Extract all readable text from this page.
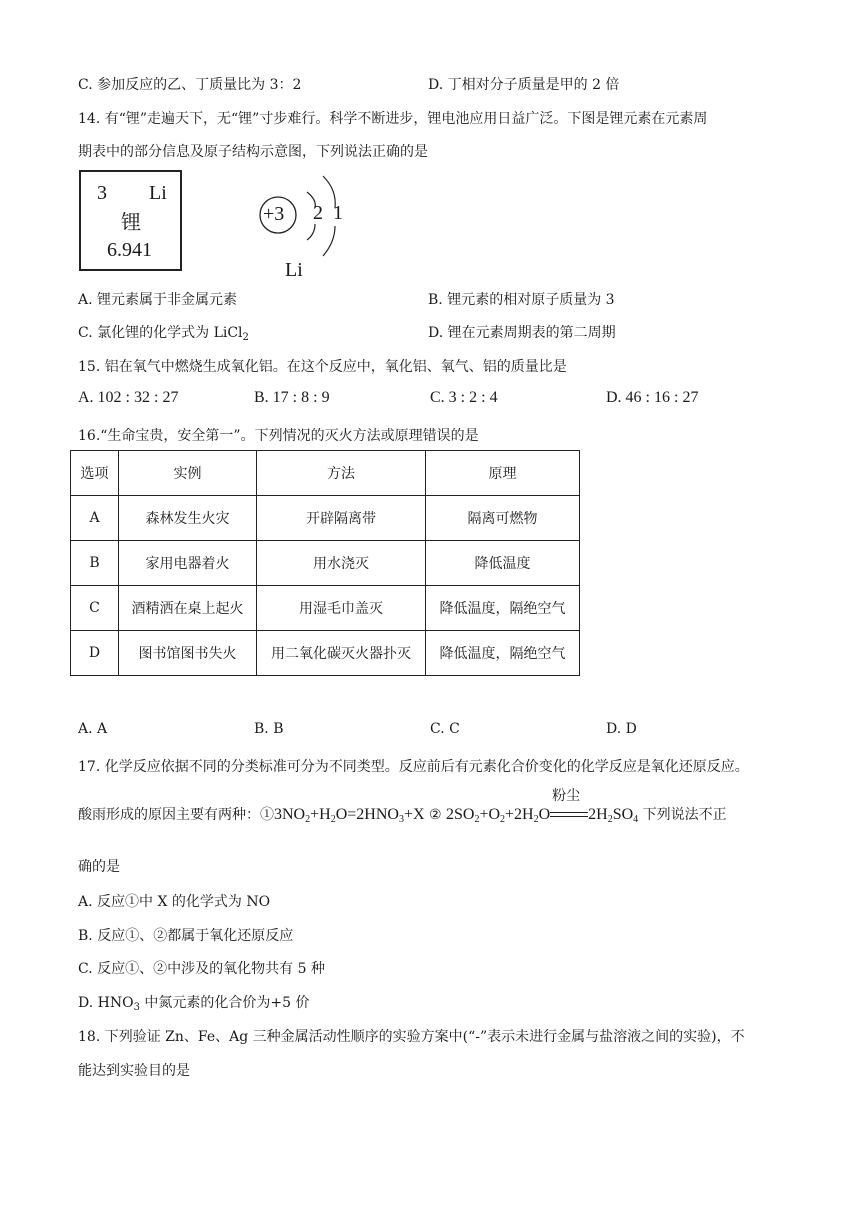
C. 参加反应的乙、丁质量比为 3：2	D. 丁相对分子质量是甲的 2 倍
14. 有“锂”走遍天下，无“锂”寸步难行。科学不断进步，锂电池应用日益广泛。下图是锂元素在元素周
期表中的部分信息及原子结构示意图，下列说法正确的是
3 Li
锂
6.941
+3 2 1
Li
A. 锂元素属于非金属元素	B. 锂元素的相对原子质量为 3
C. 氯化锂的化学式为 LiCl$_2$	D. 锂在元素周期表的第二周期
15. 铝在氧气中燃烧生成氧化铝。在这个反应中，氧化铝、氧气、铝的质量比是
A. 102 : 32 : 27	B. 17 : 8 : 9	C. 3 : 2 : 4	D. 46 : 16 : 27
16.“生命宝贵，安全第一”。下列情况的灭火方法或原理错误的是
选项	实例	方法	原理
A	森林发生火灾	开辟隔离带	隔离可燃物
B	家用电器着火	用水浇灭	降低温度
C	酒精洒在桌上起火	用湿毛巾盖灭	降低温度，隔绝空气
D	图书馆图书失火	用二氧化碳灭火器扑灭	降低温度，隔绝空气
A. A	B. B	C. C	D. D
17. 化学反应依据不同的分类标准可分为不同类型。反应前后有元素化合价变化的化学反应是氧化还原反应。
酸雨形成的原因主要有两种：$①3NO_2+H_2O=2HNO_3+X$ ② $2SO_2+O_2+2H_2O$
粉尘
$2H_2SO_4$ 下列说法不正
确的是
A. 反应①中 X 的化学式为 NO
B. 反应①、②都属于氧化还原反应
C. 反应①、②中涉及的氧化物共有 5 种
D. $HNO_3$ 中氮元素的化合价为+5 价
18. 下列验证 Zn、Fe、Ag 三种金属活动性顺序的实验方案中(“-”表示未进行金属与盐溶液之间的实验)，不
能达到实验目的是
